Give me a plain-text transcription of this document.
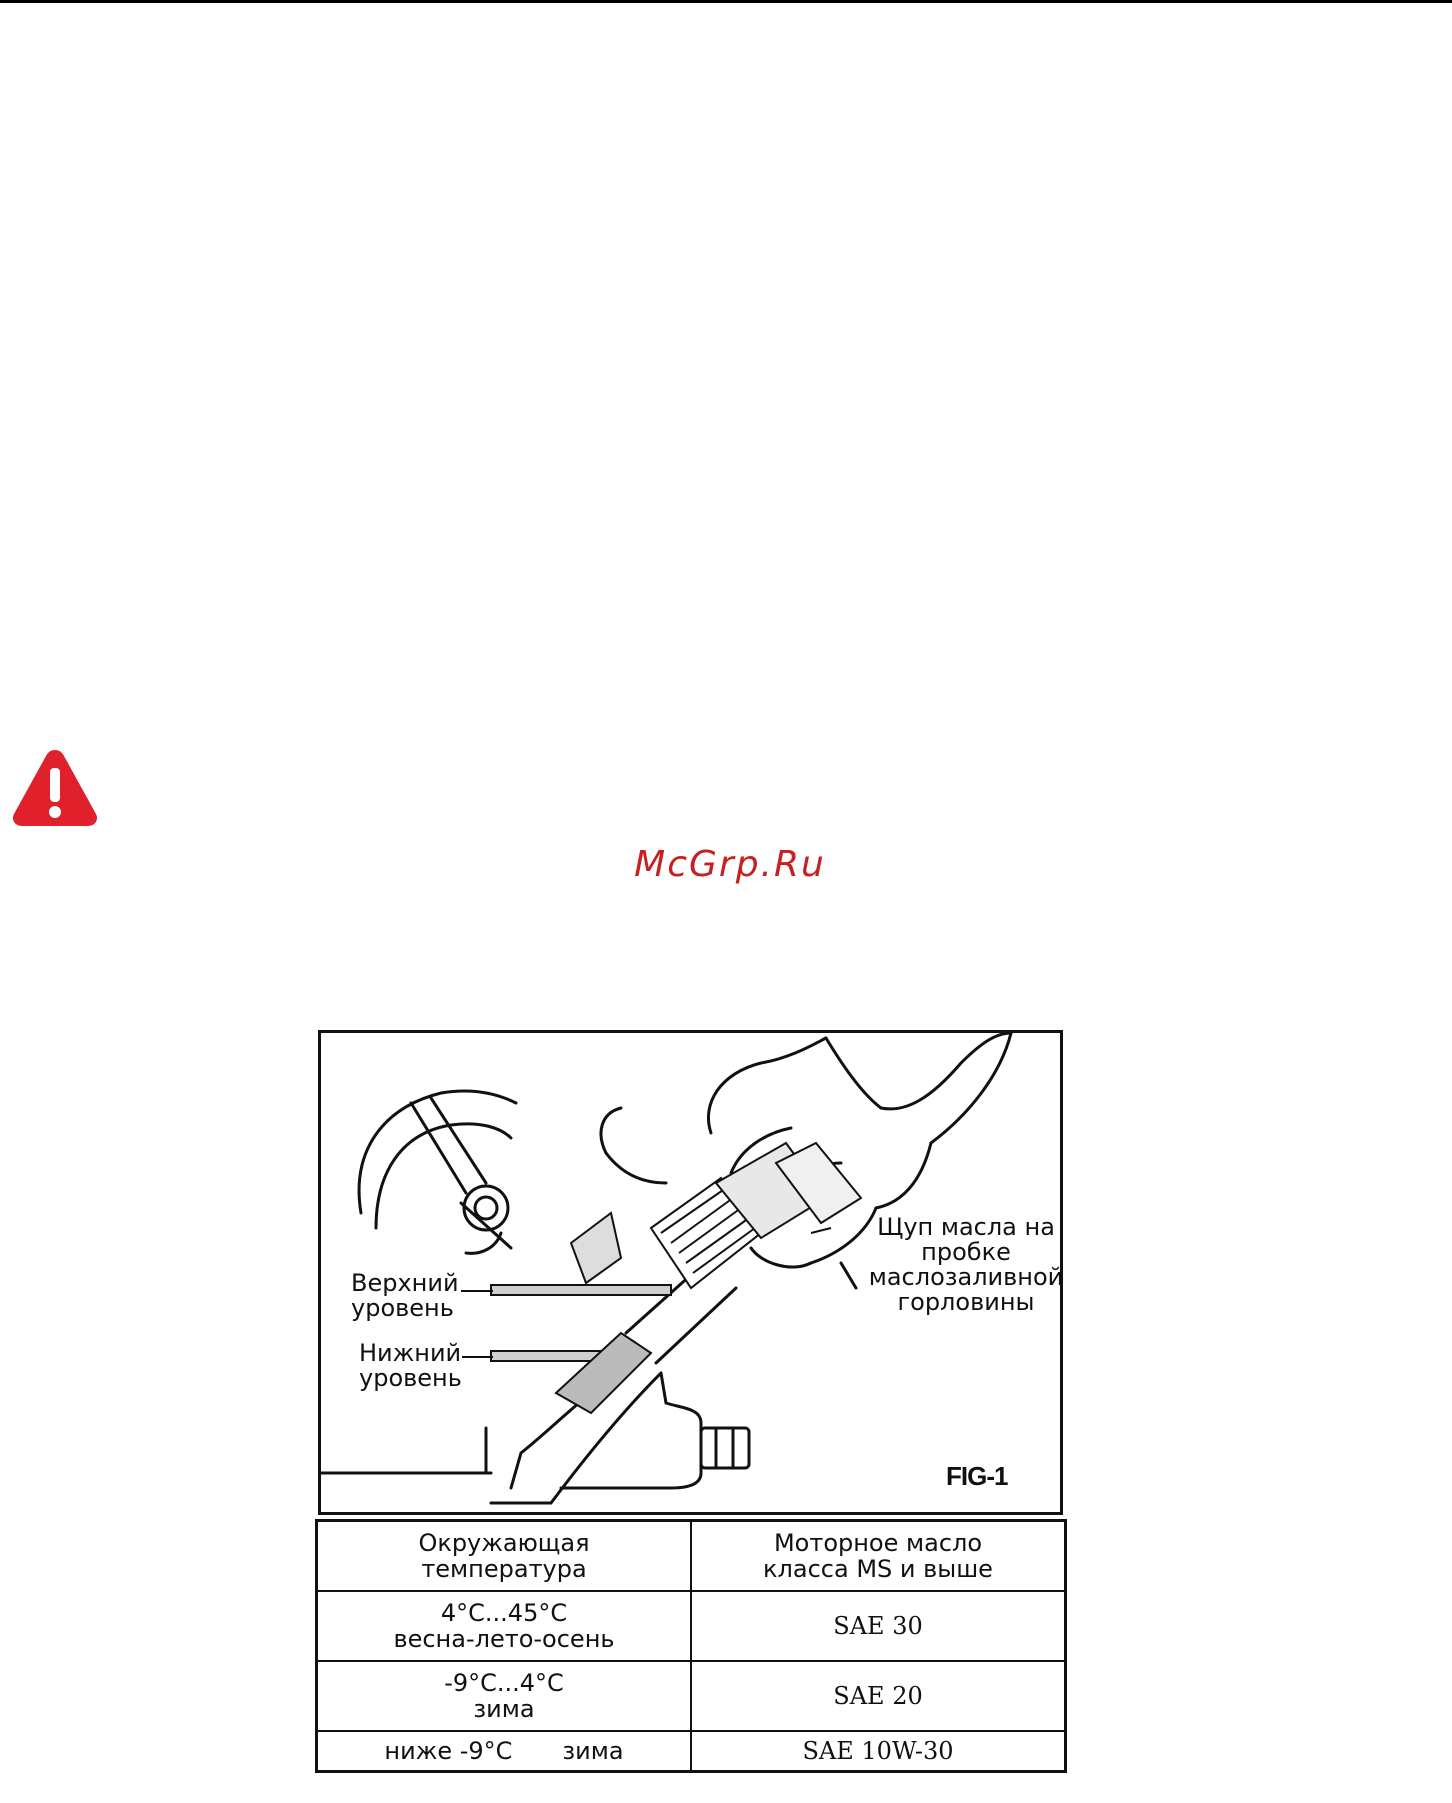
McGrp.Ru
Верхний
уровень
Нижний
уровень
Щуп масла на пробке
маслозаливной
горловины
FIG-1
Окружающая
температура	Моторное масло
класса MS и выше

4°C...45°C
весна-лето-осень	SAE 30

-9°C...4°C
зима	SAE 20
ниже -9°C зима	SAE 10W-30
